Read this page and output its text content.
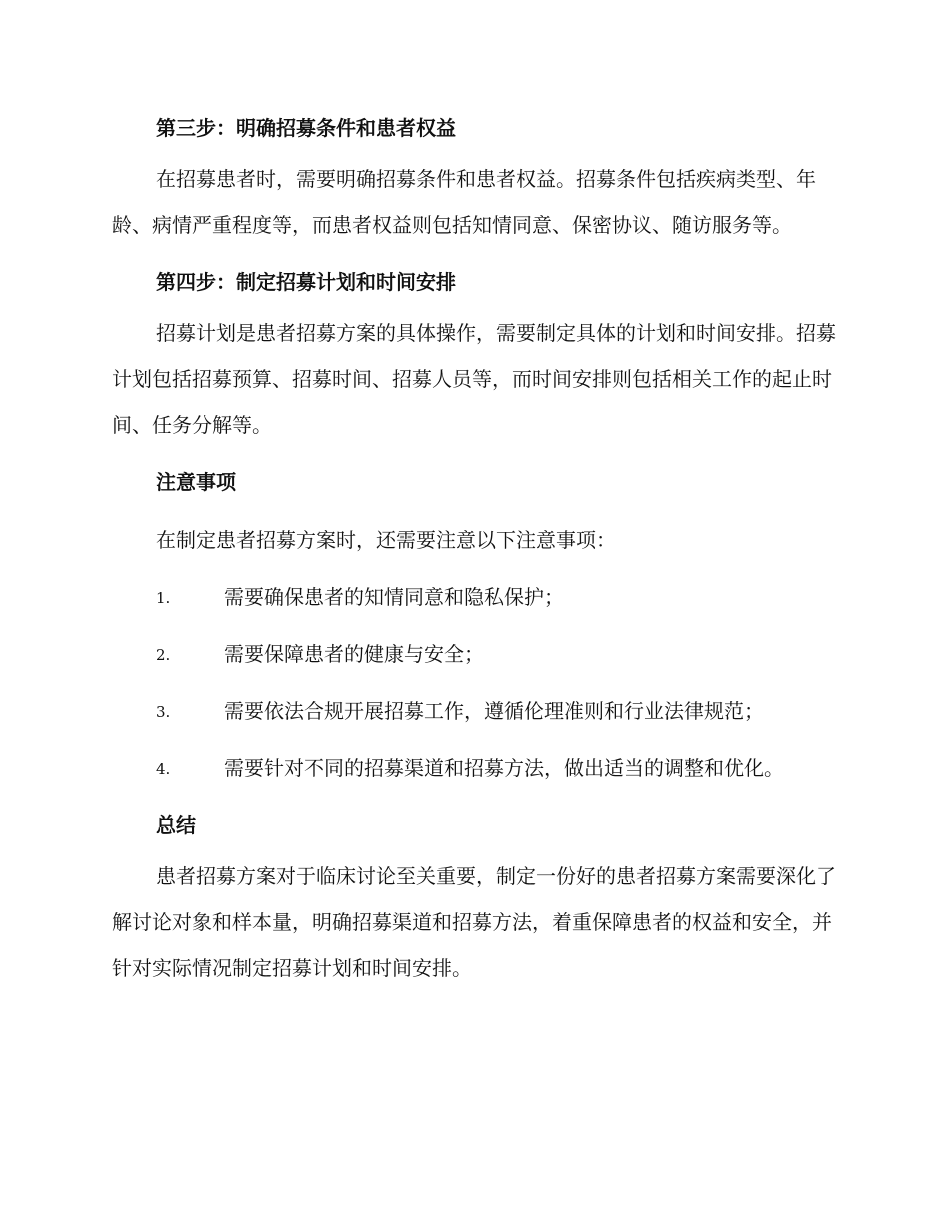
第三步：明确招募条件和患者权益

在招募患者时，需要明确招募条件和患者权益。招募条件包括疾病类型、年龄、病情严重程度等，而患者权益则包括知情同意、保密协议、随访服务等。

第四步：制定招募计划和时间安排

招募计划是患者招募方案的具体操作，需要制定具体的计划和时间安排。招募计划包括招募预算、招募时间、招募人员等，而时间安排则包括相关工作的起止时间、任务分解等。

注意事项

在制定患者招募方案时，还需要注意以下注意事项：

1.	需要确保患者的知情同意和隐私保护；
2.	需要保障患者的健康与安全；
3.	需要依法合规开展招募工作，遵循伦理准则和行业法律规范；
4.	需要针对不同的招募渠道和招募方法，做出适当的调整和优化。
总结

患者招募方案对于临床讨论至关重要，制定一份好的患者招募方案需要深化了解讨论对象和样本量，明确招募渠道和招募方法，着重保障患者的权益和安全，并针对实际情况制定招募计划和时间安排。
